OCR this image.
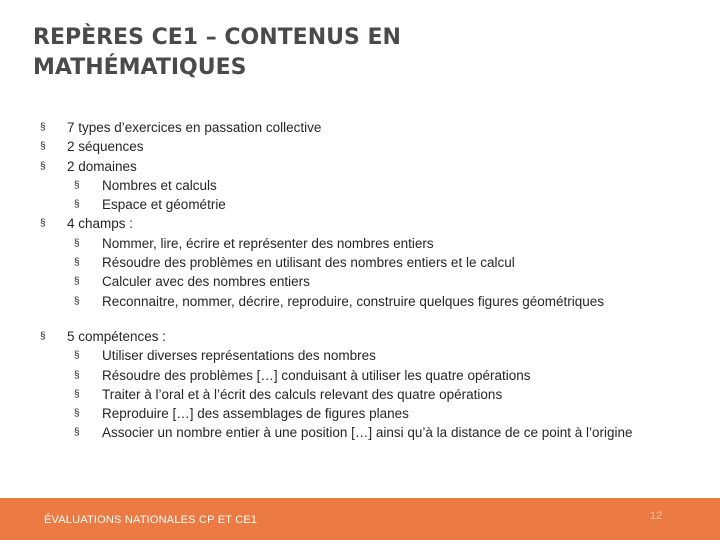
REPÈRES CE1 – CONTENUS EN
MATHÉMATIQUES
§ 7 types d’exercices en passation collective
§ 2 séquences
§ 2 domaines
§ Nombres et calculs
§ Espace et géométrie
§ 4 champs :
§ Nommer, lire, écrire et représenter des nombres entiers
§ Résoudre des problèmes en utilisant des nombres entiers et le calcul
§ Calculer avec des nombres entiers
§ Reconnaitre, nommer, décrire, reproduire, construire quelques figures géométriques
§ 5 compétences :
§ Utiliser diverses représentations des nombres
§ Résoudre des problèmes […] conduisant à utiliser les quatre opérations
§ Traiter à l’oral et à l’écrit des calculs relevant des quatre opérations
§ Reproduire […] des assemblages de figures planes
§ Associer un nombre entier à une position […] ainsi qu’à la distance de ce point à l’origine
ÉVALUATIONS NATIONALES CP ET CE1	12
